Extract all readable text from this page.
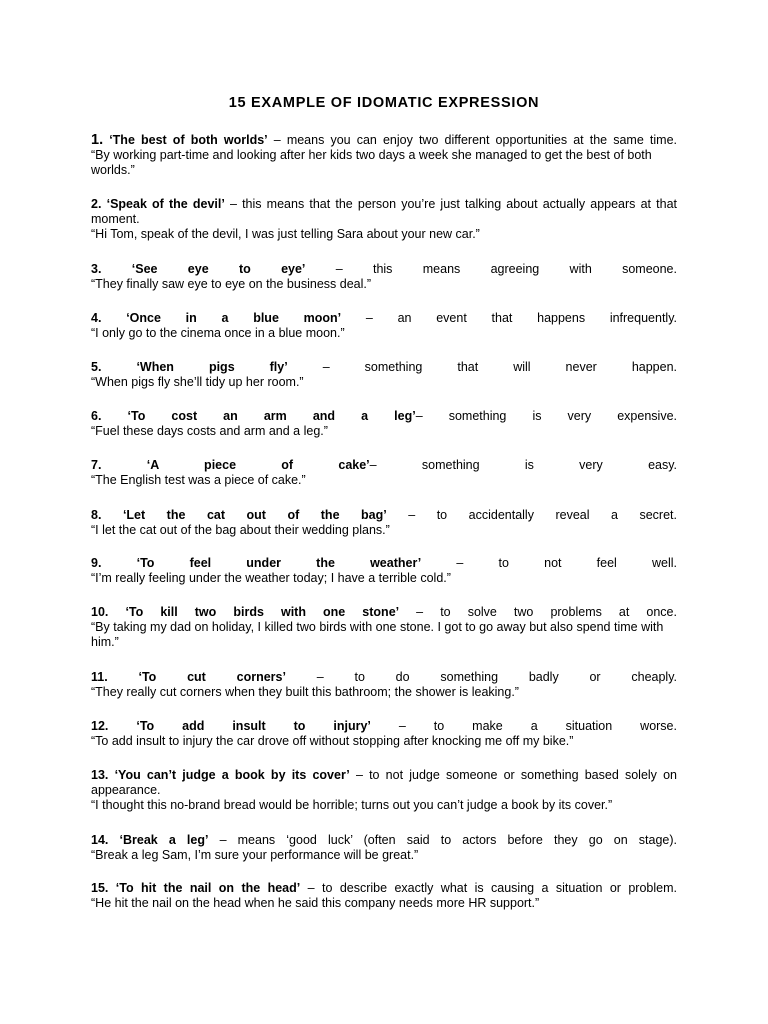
15 EXAMPLE OF IDOMATIC EXPRESSION

1. ‘The best of both worlds’ – means you can enjoy two different opportunities at the same time.

“By working part-time and looking after her kids two days a week she managed to get the best of both worlds.”

2. ‘Speak of the devil’ – this means that the person you’re just talking about actually appears at that moment.

“Hi Tom, speak of the devil, I was just telling Sara about your new car.”

3. ‘See eye to eye’ – this means agreeing with someone.

“They finally saw eye to eye on the business deal.”

4. ‘Once in a blue moon’ – an event that happens infrequently.

“I only go to the cinema once in a blue moon.”

5.	‘When pigs fly’ – something that will never happen.

“When pigs fly she’ll tidy up her room.”

6. ‘To cost an arm and a leg’– something is very expensive.

“Fuel these days costs and arm and a leg.”

7.	‘A piece of cake’– something is very easy.

“The English test was a piece of cake.”

8. ‘Let the cat out of the bag’ – to accidentally reveal a secret.

“I let the cat out of the bag about their wedding plans.”

9.	‘To feel under the weather’ – to not feel well.

“I’m really feeling under the weather today; I have a terrible cold.”

10. ‘To kill two birds with one stone’ – to solve two problems at once.

“By taking my dad on holiday, I killed two birds with one stone. I got to go away but also spend time with him.”

11. ‘To cut corners’ – to do something badly or cheaply.

“They really cut corners when they built this bathroom; the shower is leaking.”

12. ‘To add insult to injury’ – to make a situation worse.

“To add insult to injury the car drove off without stopping after knocking me off my bike.”

13. ‘You can’t judge a book by its cover’ – to not judge someone or something based solely on appearance.

“I thought this no-brand bread would be horrible; turns out you can’t judge a book by its cover.”

14. ‘Break a leg’ – means ‘good luck’ (often said to actors before they go on stage).

“Break a leg Sam, I’m sure your performance will be great.”

15. ‘To hit the nail on the head’ – to describe exactly what is causing a situation or problem.

“He hit the nail on the head when he said this company needs more HR support.”
